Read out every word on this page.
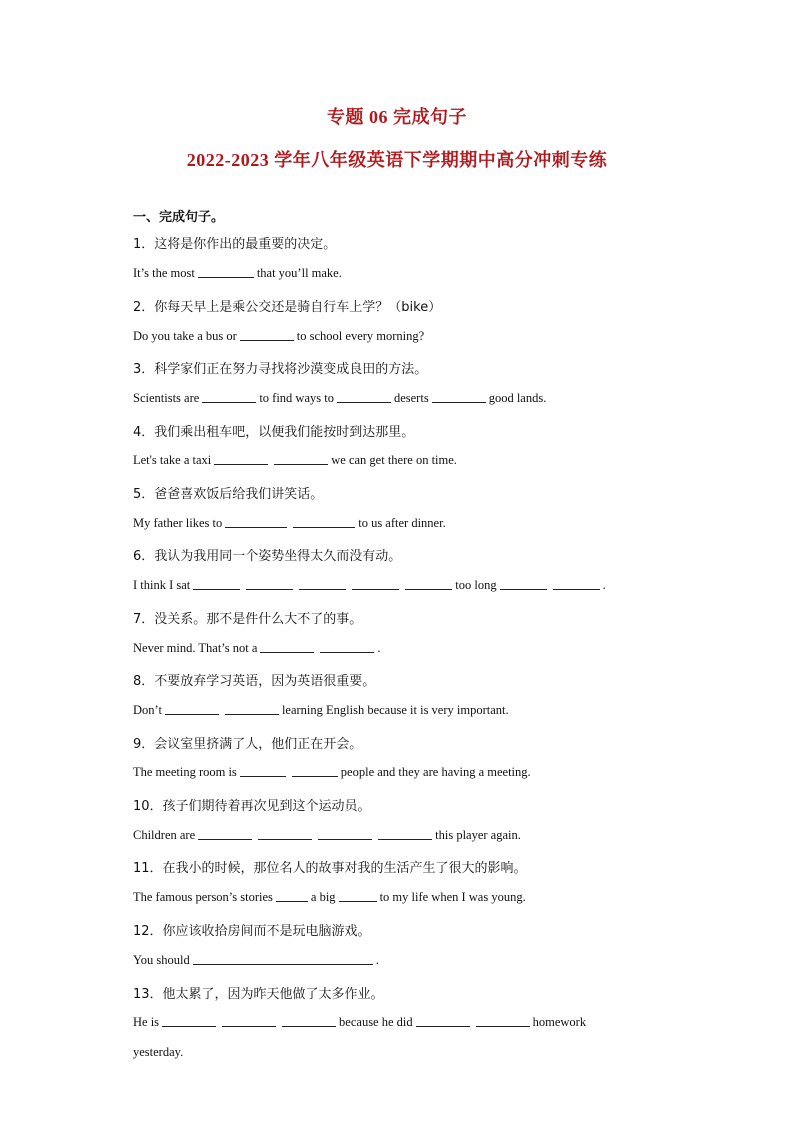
专题 06 完成句子
2022-2023 学年八年级英语下学期期中高分冲刺专练
一、完成句子。
1．这将是你作出的最重要的决定。
It’s the most	that you’ll make.
2．你每天早上是乘公交还是骑自行车上学？（bike）
Do you take a bus or	to school every morning?
3．科学家们正在努力寻找将沙漠变成良田的方法。
Scientists are	to find ways to	deserts	good lands.
4．我们乘出租车吧，以便我们能按时到达那里。
Let's take a taxi	we can get there on time.
5．爸爸喜欢饭后给我们讲笑话。
My father likes to	to us after dinner.
6．我认为我用同一个姿势坐得太久而没有动。
I think I sat	too long	.
7．没关系。那不是件什么大不了的事。
Never mind. That’s not a	.
8．不要放弃学习英语，因为英语很重要。
Don’t	learning English because it is very important.
9．会议室里挤满了人，他们正在开会。
The meeting room is	people and they are having a meeting.
10．孩子们期待着再次见到这个运动员。
Children are	this player again.
11．在我小的时候，那位名人的故事对我的生活产生了很大的影响。
The famous person’s stories	a big	to my life when I was young.
12．你应该收拾房间而不是玩电脑游戏。
You should	.
13．他太累了，因为昨天他做了太多作业。
He is	because he did	homework
yesterday.
